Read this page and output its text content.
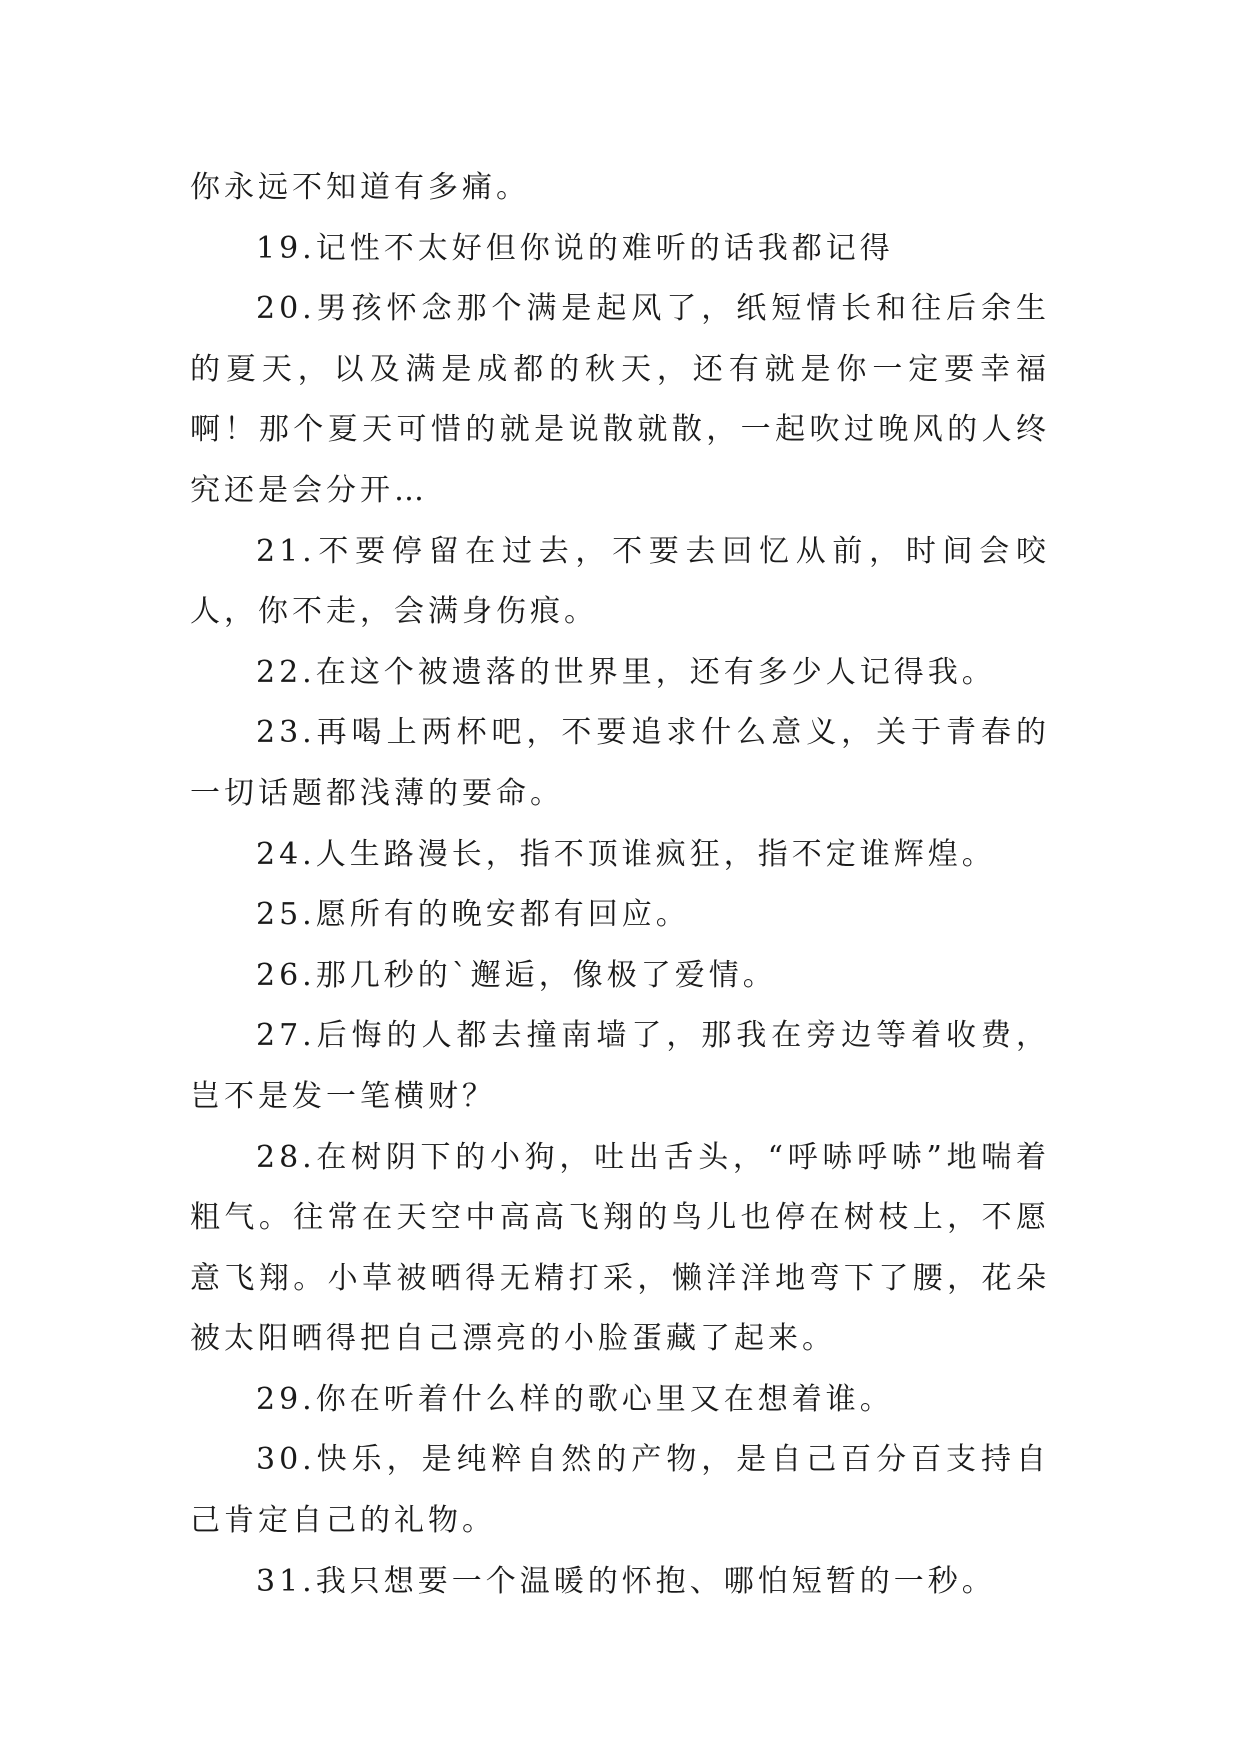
你永远不知道有多痛。

19.记性不太好但你说的难听的话我都记得

20.男孩怀念那个满是起风了，纸短情长和往后余生的夏天，以及满是成都的秋天，还有就是你一定要幸福啊！那个夏天可惜的就是说散就散，一起吹过晚风的人终究还是会分开…

21.不要停留在过去，不要去回忆从前，时间会咬人，你不走，会满身伤痕。

22.在这个被遗落的世界里，还有多少人记得我。

23.再喝上两杯吧，不要追求什么意义，关于青春的一切话题都浅薄的要命。

24.人生路漫长，指不顶谁疯狂，指不定谁辉煌。

25.愿所有的晚安都有回应。

26.那几秒的`邂逅，像极了爱情。

27.后悔的人都去撞南墙了，那我在旁边等着收费，岂不是发一笔横财？

28.在树阴下的小狗，吐出舌头，“呼哧呼哧”地喘着粗气。往常在天空中高高飞翔的鸟儿也停在树枝上，不愿意飞翔。小草被晒得无精打采，懒洋洋地弯下了腰，花朵被太阳晒得把自己漂亮的小脸蛋藏了起来。

29.你在听着什么样的歌心里又在想着谁。

30.快乐，是纯粹自然的产物，是自己百分百支持自己肯定自己的礼物。

31.我只想要一个温暖的怀抱、哪怕短暂的一秒。
